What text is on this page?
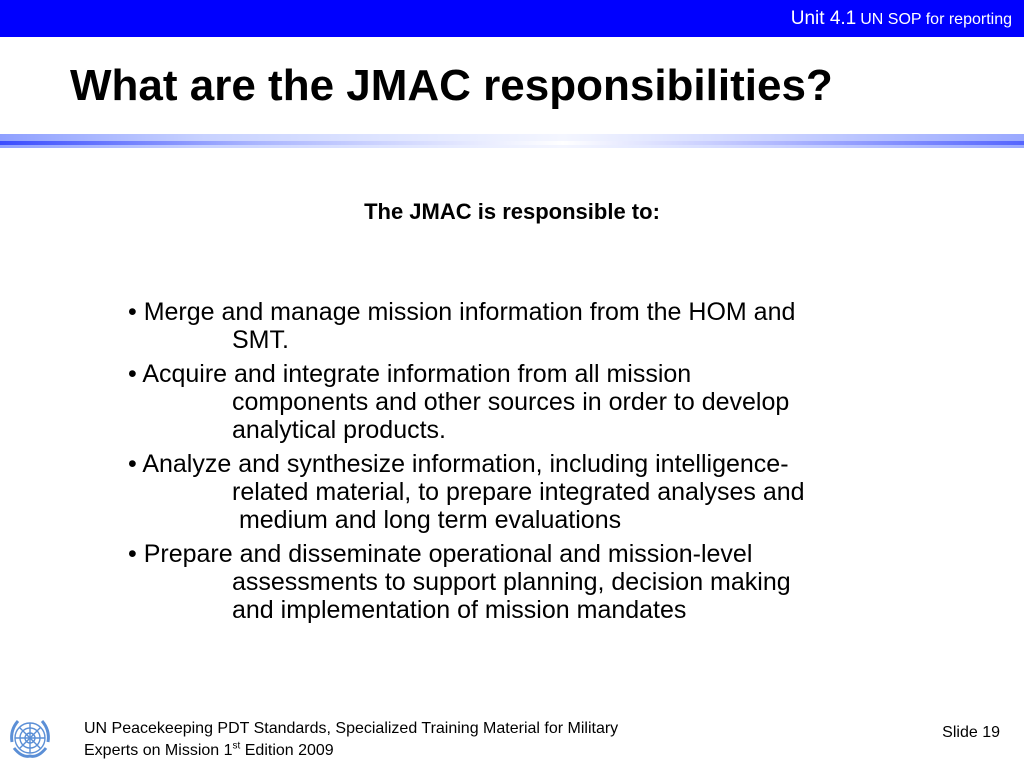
Unit 4.1 UN SOP for reporting
What are the JMAC responsibilities?
The JMAC is responsible to:
• Merge and manage mission information from the HOM and
SMT.
• Acquire and integrate information from all mission
components and other sources in order to develop
analytical products.
• Analyze and synthesize information, including intelligence-
related material, to prepare integrated analyses and
medium and long term evaluations
• Prepare and disseminate operational and mission-level
assessments to support planning, decision making
and implementation of mission mandates
UN Peacekeeping PDT Standards, Specialized Training Material for Military
Experts on Mission 1st Edition 2009
Slide 19
